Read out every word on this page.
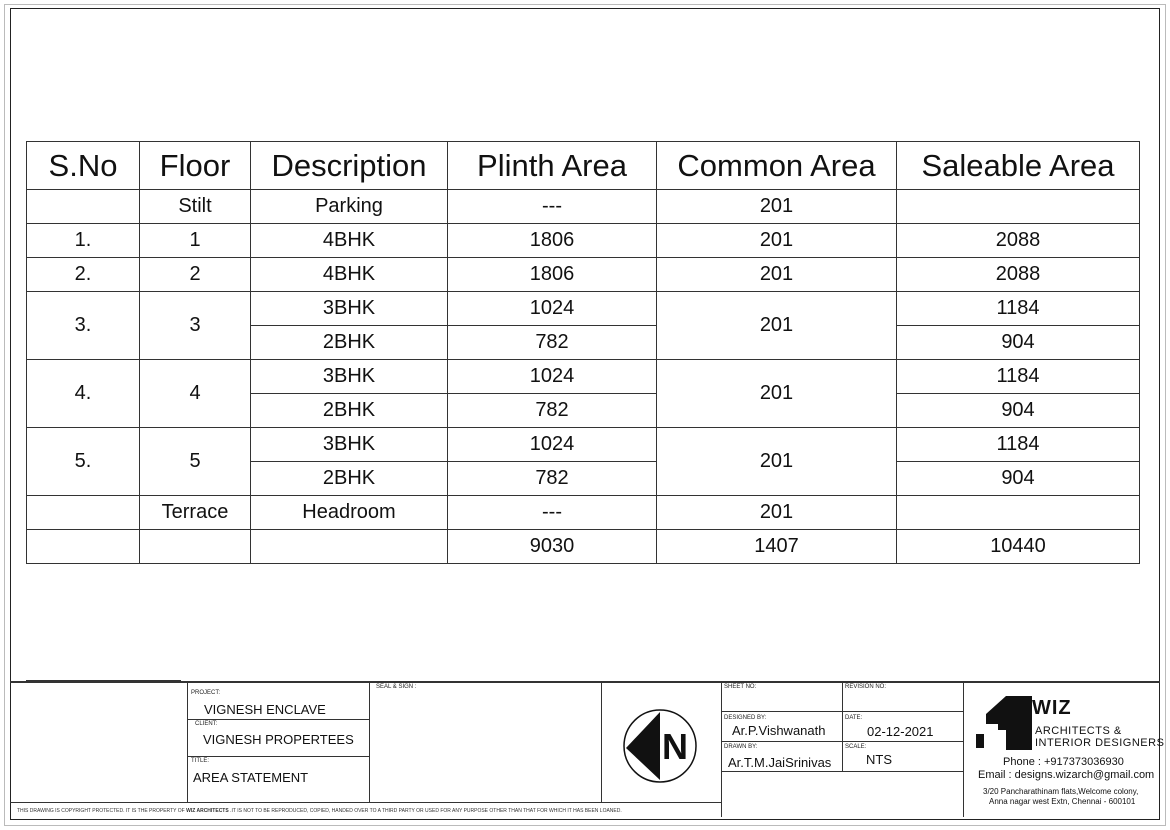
S.No	Floor	Description	Plinth Area	Common Area	Saleable Area
	Stilt	Parking	---	201	
1.	1	4BHK	1806	201	2088
2.	2	4BHK	1806	201	2088
3.	3	3BHK	1024	201	1184
		2BHK	782		904
4.	4	3BHK	1024	201	1184
		2BHK	782		904
5.	5	3BHK	1024	201	1184
		2BHK	782		904
	Terrace	Headroom	---	201	
			9030	1407	10440
PROJECT:
VIGNESH ENCLAVE
CLIENT:
VIGNESH PROPERTEES
TITLE:
AREA STATEMENT
SEAL & SIGN :
N
SHEET NO:	REVISION NO:
DESIGNED BY:
Ar.P.Vishwanath
DATE:
02-12-2021
DRAWN BY:
Ar.T.M.JaiSrinivas
SCALE:
NTS
THIS DRAWING IS COPYRIGHT PROTECTED. IT IS THE PROPERTY OF WIZ ARCHITECTS .IT IS NOT TO BE REPRODUCED, COPIED, HANDED OVER TO A THIRD PARTY OR USED FOR ANY PURPOSE OTHER THAN THAT FOR WHICH IT HAS BEEN LOANED.
WIZ
ARCHITECTS &
INTERIOR DESIGNERS
Phone : +917373036930
Email : designs.wizarch@gmail.com
3/20 Pancharathinam flats,Welcome colony,
Anna nagar west Extn, Chennai - 600101
